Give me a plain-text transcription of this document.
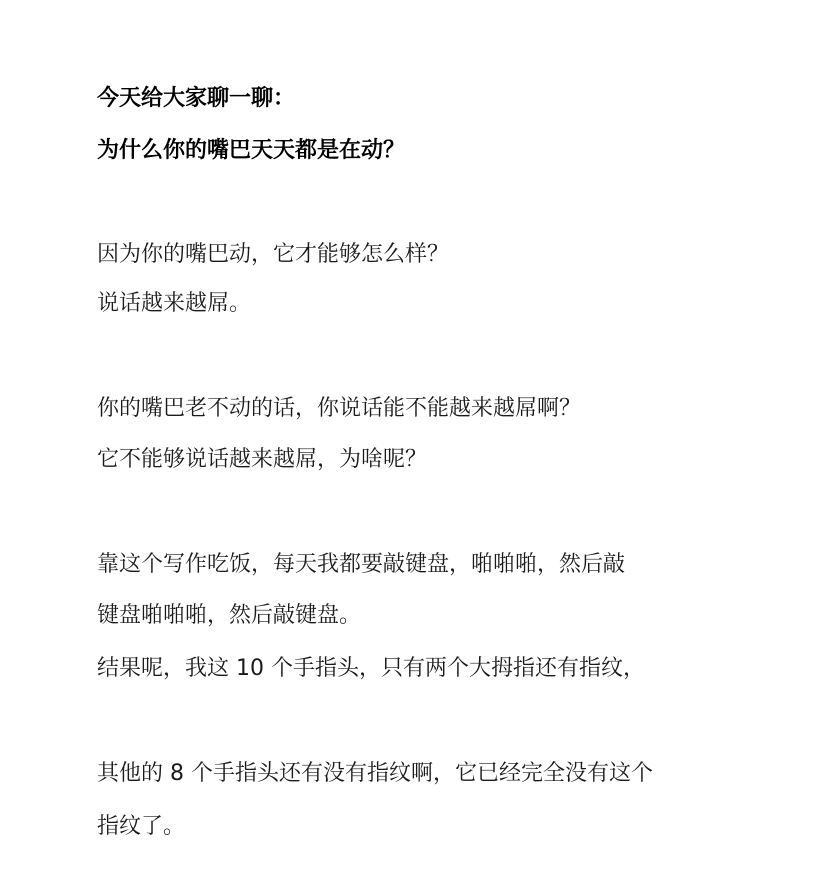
今天给大家聊一聊：
为什么你的嘴巴天天都是在动？
因为你的嘴巴动，它才能够怎么样？
说话越来越屌。
你的嘴巴老不动的话，你说话能不能越来越屌啊？
它不能够说话越来越屌，为啥呢？
靠这个写作吃饭，每天我都要敲键盘，啪啪啪，然后敲
键盘啪啪啪，然后敲键盘。
结果呢，我这 10 个手指头，只有两个大拇指还有指纹，
其他的 8 个手指头还有没有指纹啊，它已经完全没有这个
指纹了。
